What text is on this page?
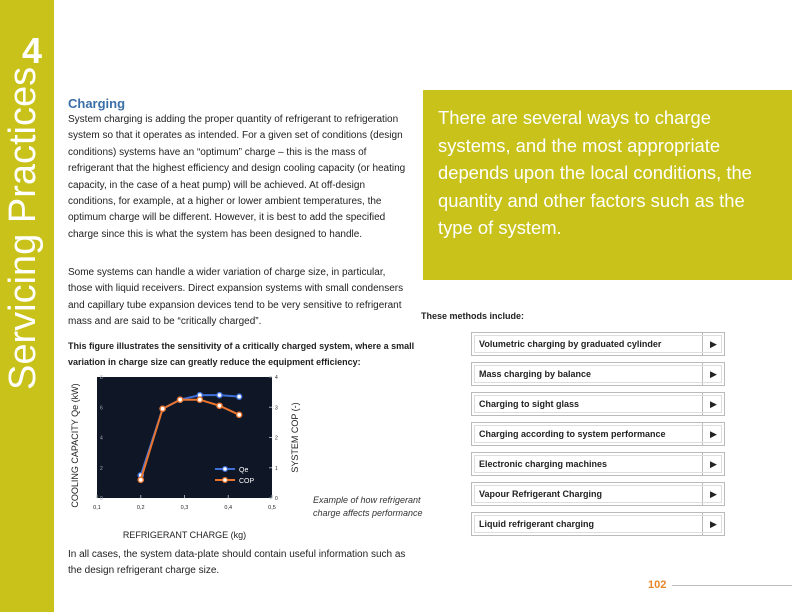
4
Servicing Practices Charging
System charging is adding the proper quantity of refrigerant to refrigeration system so that it operates as intended. For a given set of conditions (design conditions) systems have an “optimum” charge – this is the mass of refrigerant that the highest efficiency and design cooling capacity (or heating capacity, in the case of a heat pump) will be achieved. At off-design conditions, for example, at a higher or lower ambient temperatures, the optimum charge will be different. However, it is best to add the specified charge since this is what the system has been designed to handle.
Some systems can handle a wider variation of charge size, in particular, those with liquid receivers. Direct expansion systems with small condensers and capillary tube expansion devices tend to be very sensitive to refrigerant mass and are said to be “critically charged”.
This figure illustrates the sensitivity of a critically charged system, where a small variation in charge size can greatly reduce the equipment efficiency:
0,1	0,2	0,3	0,4	0,5
0
2
4
6
8
0
1
2
3
4
Qe
COP
REFRIGERANT CHARGE (kg)
COOLING CAPACITY Qe (kW)	SYSTEM COP (-)
Example of how refrigerant charge affects performance
In all cases, the system data-plate should contain useful information such as the design refrigerant charge size.
There are several ways to charge systems, and the most appropriate depends upon the local conditions, the quantity and other factors such as the type of system.
These methods include:
Volumetric charging by graduated cylinder	▶
Mass charging by balance	▶
Charging to sight glass	▶
Charging according to system performance	▶
Electronic charging machines	▶
Vapour Refrigerant Charging	▶
Liquid refrigerant charging	▶
102
